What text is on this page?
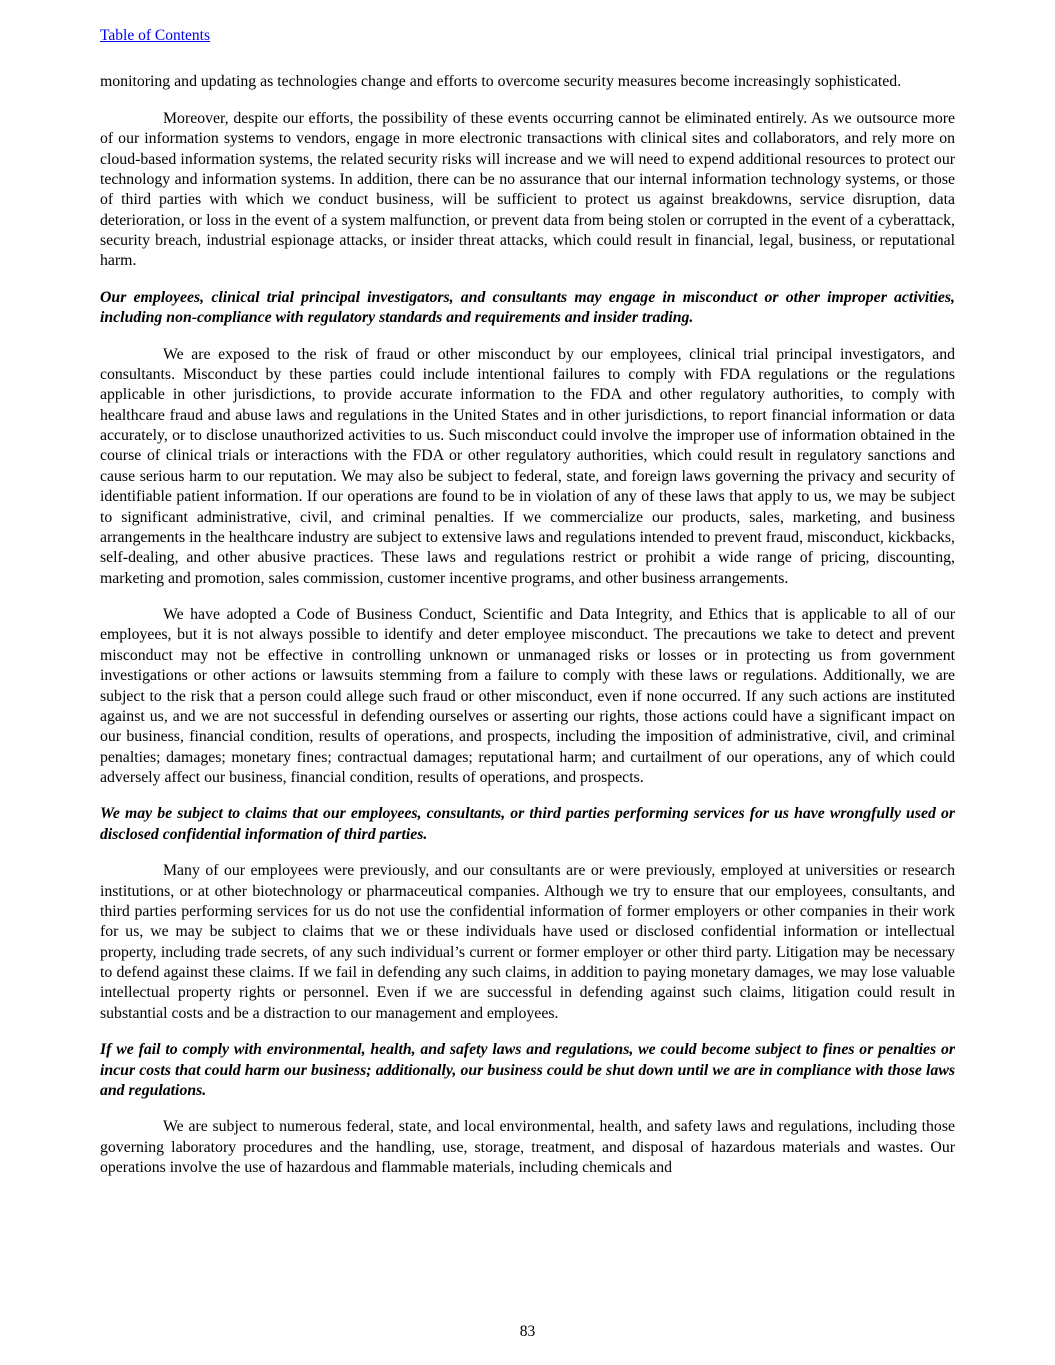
Table of Contents

monitoring and updating as technologies change and efforts to overcome security measures become increasingly sophisticated.

Moreover, despite our efforts, the possibility of these events occurring cannot be eliminated entirely. As we outsource more of our information systems to vendors, engage in more electronic transactions with clinical sites and collaborators, and rely more on cloud-based information systems, the related security risks will increase and we will need to expend additional resources to protect our technology and information systems. In addition, there can be no assurance that our internal information technology systems, or those of third parties with which we conduct business, will be sufficient to protect us against breakdowns, service disruption, data deterioration, or loss in the event of a system malfunction, or prevent data from being stolen or corrupted in the event of a cyberattack, security breach, industrial espionage attacks, or insider threat attacks, which could result in financial, legal, business, or reputational harm.

Our employees, clinical trial principal investigators, and consultants may engage in misconduct or other improper activities, including non-compliance with regulatory standards and requirements and insider trading.

We are exposed to the risk of fraud or other misconduct by our employees, clinical trial principal investigators, and consultants. Misconduct by these parties could include intentional failures to comply with FDA regulations or the regulations applicable in other jurisdictions, to provide accurate information to the FDA and other regulatory authorities, to comply with healthcare fraud and abuse laws and regulations in the United States and in other jurisdictions, to report financial information or data accurately, or to disclose unauthorized activities to us. Such misconduct could involve the improper use of information obtained in the course of clinical trials or interactions with the FDA or other regulatory authorities, which could result in regulatory sanctions and cause serious harm to our reputation. We may also be subject to federal, state, and foreign laws governing the privacy and security of identifiable patient information. If our operations are found to be in violation of any of these laws that apply to us, we may be subject to significant administrative, civil, and criminal penalties. If we commercialize our products, sales, marketing, and business arrangements in the healthcare industry are subject to extensive laws and regulations intended to prevent fraud, misconduct, kickbacks, self-dealing, and other abusive practices. These laws and regulations restrict or prohibit a wide range of pricing, discounting, marketing and promotion, sales commission, customer incentive programs, and other business arrangements.

We have adopted a Code of Business Conduct, Scientific and Data Integrity, and Ethics that is applicable to all of our employees, but it is not always possible to identify and deter employee misconduct. The precautions we take to detect and prevent misconduct may not be effective in controlling unknown or unmanaged risks or losses or in protecting us from government investigations or other actions or lawsuits stemming from a failure to comply with these laws or regulations. Additionally, we are subject to the risk that a person could allege such fraud or other misconduct, even if none occurred. If any such actions are instituted against us, and we are not successful in defending ourselves or asserting our rights, those actions could have a significant impact on our business, financial condition, results of operations, and prospects, including the imposition of administrative, civil, and criminal penalties; damages; monetary fines; contractual damages; reputational harm; and curtailment of our operations, any of which could adversely affect our business, financial condition, results of operations, and prospects.

We may be subject to claims that our employees, consultants, or third parties performing services for us have wrongfully used or disclosed confidential information of third parties.

Many of our employees were previously, and our consultants are or were previously, employed at universities or research institutions, or at other biotechnology or pharmaceutical companies. Although we try to ensure that our employees, consultants, and third parties performing services for us do not use the confidential information of former employers or other companies in their work for us, we may be subject to claims that we or these individuals have used or disclosed confidential information or intellectual property, including trade secrets, of any such individual’s current or former employer or other third party. Litigation may be necessary to defend against these claims. If we fail in defending any such claims, in addition to paying monetary damages, we may lose valuable intellectual property rights or personnel. Even if we are successful in defending against such claims, litigation could result in substantial costs and be a distraction to our management and employees.

If we fail to comply with environmental, health, and safety laws and regulations, we could become subject to fines or penalties or incur costs that could harm our business; additionally, our business could be shut down until we are in compliance with those laws and regulations.

We are subject to numerous federal, state, and local environmental, health, and safety laws and regulations, including those governing laboratory procedures and the handling, use, storage, treatment, and disposal of hazardous materials and wastes. Our operations involve the use of hazardous and flammable materials, including chemicals and

83
